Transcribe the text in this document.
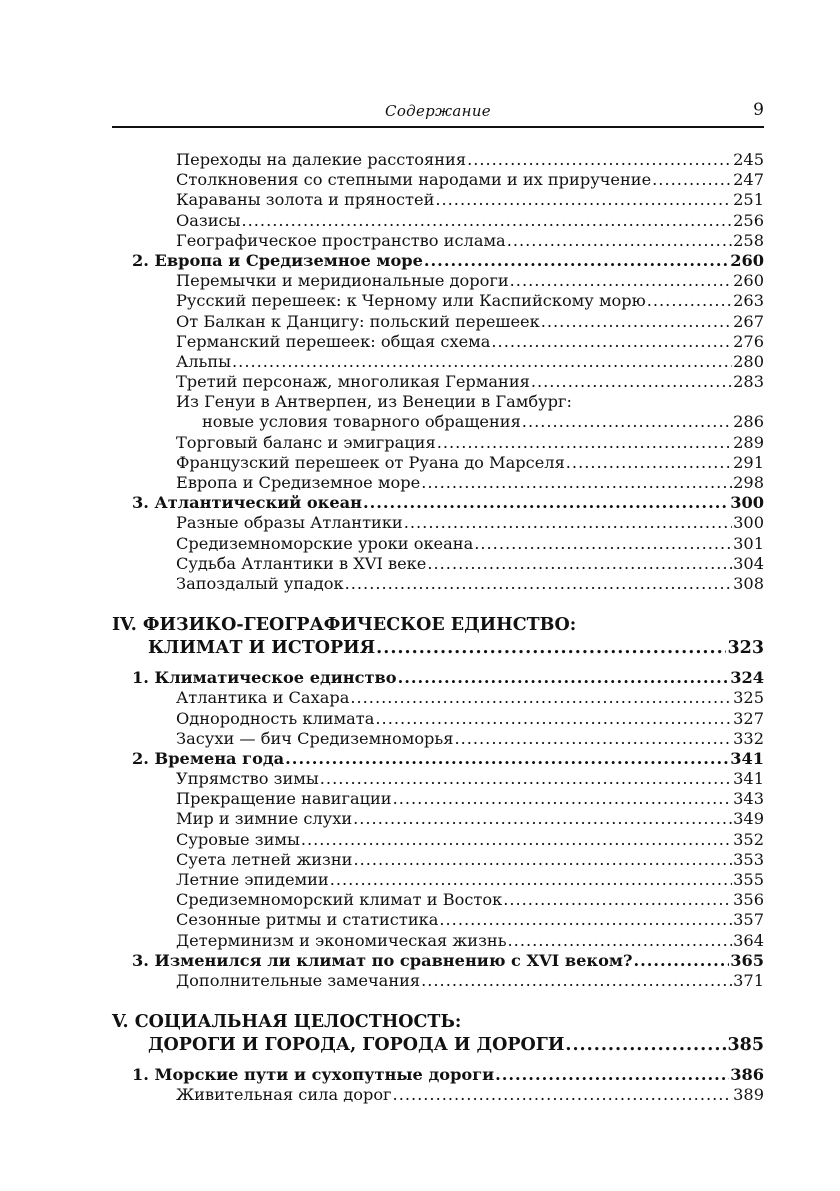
Содержание	9
Переходы на далекие расстояния .....	245
Столкновения со степными народами и их приручение .....	247
Караваны золота и пряностей .....	251
Оазисы .....	256
Географическое пространство ислама .....	258
2. Европа и Средиземное море .....	260
Перемычки и меридиональные дороги .....	260
Русский перешеек: к Черному или Каспийскому морю .....	263
От Балкан к Данцигу: польский перешеек .....	267
Германский перешеек: общая схема .....	276
Альпы .....	280
Третий персонаж, многоликая Германия .....	283
Из Генуи в Антверпен, из Венеции в Гамбург:
новые условия товарного обращения .....	286
Торговый баланс и эмиграция .....	289
Французский перешеек от Руана до Марселя .....	291
Европа и Средиземное море .....	298
3. Атлантический океан .....	300
Разные образы Атлантики .....	300
Средиземноморские уроки океана .....	301
Судьба Атлантики в XVI веке .....	304
Запоздалый упадок .....	308
IV. ФИЗИКО-ГЕОГРАФИЧЕСКОЕ ЕДИНСТВО:
КЛИМАТ И ИСТОРИЯ .....	323
1. Климатическое единство .....	324
Атлантика и Сахара .....	325
Однородность климата .....	327
Засухи — бич Средиземноморья .....	332
2. Времена года .....	341
Упрямство зимы .....	341
Прекращение навигации .....	343
Мир и зимние слухи .....	349
Суровые зимы .....	352
Суета летней жизни .....	353
Летние эпидемии .....	355
Средиземноморский климат и Восток .....	356
Сезонные ритмы и статистика .....	357
Детерминизм и экономическая жизнь .....	364
3. Изменился ли климат по сравнению с XVI веком? .....	365
Дополнительные замечания .....	371
V. СОЦИАЛЬНАЯ ЦЕЛОСТНОСТЬ:
ДОРОГИ И ГОРОДА, ГОРОДА И ДОРОГИ .....	385
1. Морские пути и сухопутные дороги .....	386
Живительная сила дорог .....	389
